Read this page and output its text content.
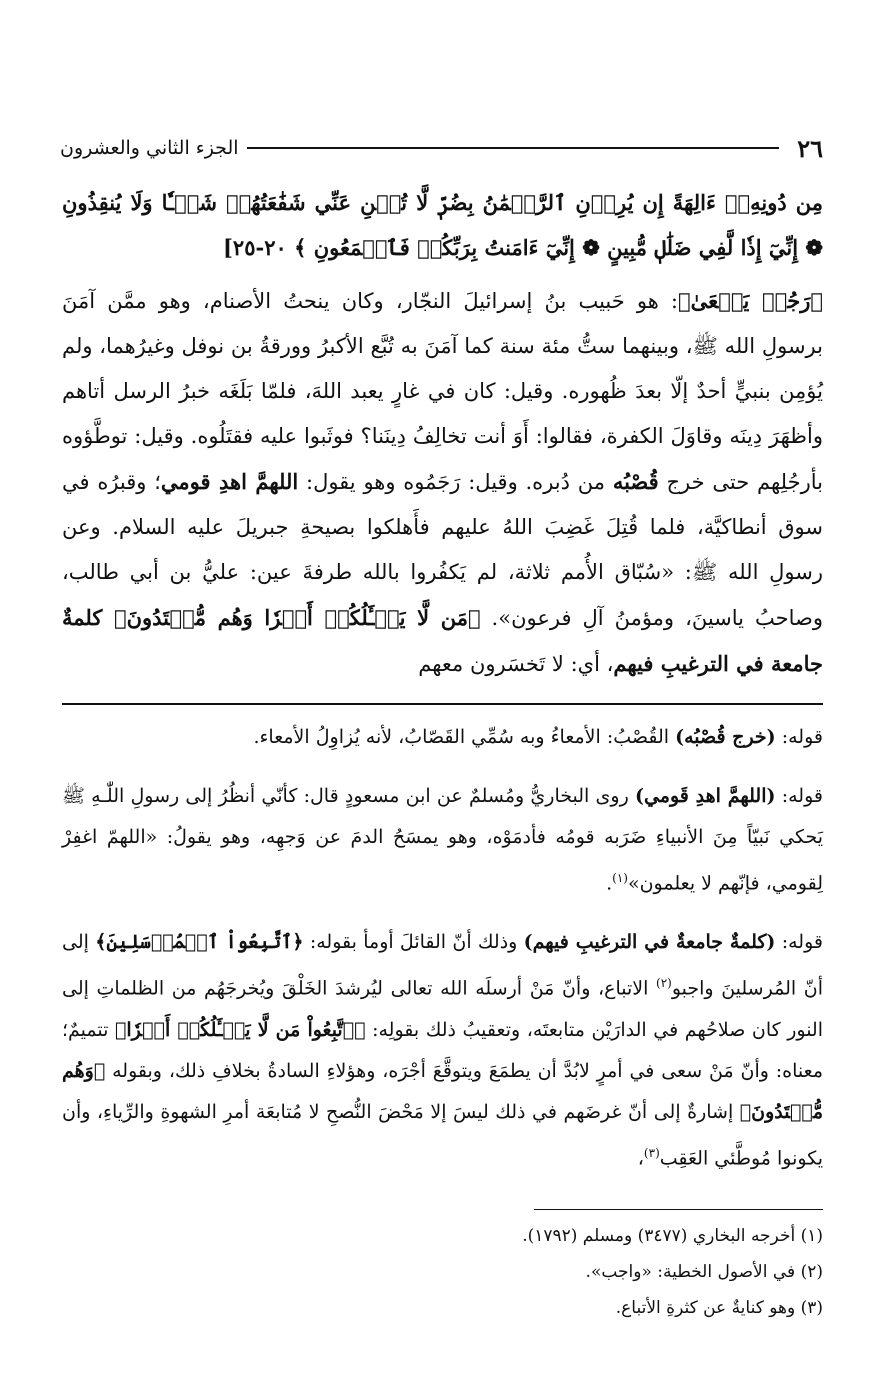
٢٦
الجزء الثاني والعشرون

مِن دُونِهِۦٓ ءَالِهَةً إِن يُرِدۡنِ ٱلرَّحۡمَٰنُ بِضُرّٖ لَّا تُغۡنِ عَنِّي شَفَٰعَتُهُمۡ شَيۡـٔٗا وَلَا يُنقِذُونِ ❁ إِنِّيٓ إِذٗا لَّفِي ضَلَٰلٖ مُّبِينٍ ❁ إِنِّيٓ ءَامَنتُ بِرَبِّكُمۡ فَٱسۡمَعُونِ ﴾ ٢٠-٢٥]

﴿رَجُلٞ يَسۡعَىٰ﴾: هو حَبيب بنُ إسرائيلَ النجّار، وكان ينحتُ الأصنام، وهو ممَّن آمَنَ برسولِ الله ﷺ، وبينهما ستُّ مئة سنة كما آمَنَ به تُبَّع الأكبرُ وورقةُ بن نوفل وغيرُهما، ولم يُؤمِن بنبيٍّ أحدٌ إلّا بعدَ ظُهوره. وقيل: كان في غارٍ يعبد اللهَ، فلمّا بَلَغَه خبرُ الرسل أتاهم وأظهَرَ دِينَه وقاوَلَ الكفرة، فقالوا: أَوَ أنت تخالِفُ دِينَنا؟ فوثَبوا عليه فقتَلُوه. وقيل: توطَّؤوه بأرجُلِهم حتى خرج قُصْبُه من دُبره. وقيل: رَجَمُوه وهو يقول: اللهمَّ اهدِ قومي؛ وقبرُه في سوق أنطاكيَّة، فلما قُتِلَ غَضِبَ اللهُ عليهم فأَهلكوا بصيحةِ جبريلَ عليه السلام. وعن رسولِ الله ﷺ: «سُبّاق الأُمم ثلاثة، لم يَكفُروا بالله طرفةَ عين: عليُّ بن أبي طالب، وصاحبُ ياسينَ، ومؤمنُ آلِ فرعون». ﴿مَن لَّا يَسۡـَٔلُكُمۡ أَجۡرٗا وَهُم مُّهۡتَدُونَ﴾ كلمةٌ جامعة في الترغيبِ فيهم، أي: لا تَخسَرون معهم

قوله: (خرج قُصْبُه) القُصْبُ: الأمعاءُ وبه سُمِّي القَصّابُ، لأنه يُزاوِلُ الأمعاء.

قوله: (اللهمَّ اهدِ قَومي) روى البخاريُّ ومُسلمٌ عن ابن مسعودٍ قال: كأنّي أنظُرُ إلى رسولِ اللّٰـهِ ﷺ يَحكي نَبيّاً مِنَ الأنبياءِ ضَرَبه قومُه فأدمَوْه، وهو يمسَحُ الدمَ عن وَجهِه، وهو يقولُ: «اللهمّ اغفِرْ لِقومي، فإنّهم لا يعلمون»$^{(١)}$.

قوله: (كلمةٌ جامعةٌ في الترغيبِ فيهم) وذلك أنّ القائلَ أومأ بقوله: ﴿ٱتَّبِعُواْ ٱلۡمُرۡسَلِينَ﴾ إلى أنّ المُرسلينَ واجبو$^{(٢)}$ الاتباع، وأنّ مَنْ أرسلَه الله تعالى ليُرشدَ الخَلْقَ ويُخرجَهُم من الظلماتِ إلى النور كان صلاحُهم في الدارَيْن متابعتَه، وتعقيبُ ذلك بقولِه: ﴿ٱتَّبِعُواْ مَن لَّا يَسۡـَٔلُكُمۡ أَجۡرٗا﴾ تتميمٌ؛ معناه: وأنّ مَنْ سعى في أمرٍ لابُدَّ أن يطمَعَ ويتوقَّعَ أجْرَه، وهؤلاءِ السادةُ بخلافِ ذلك، وبقوله ﴿وَهُم مُّهۡتَدُونَ﴾ إشارةٌ إلى أنّ غرضَهم في ذلك ليسَ إلا مَحْضَ النُّصحِ لا مُتابعَة أمرِ الشهوةِ والرِّياءِ، وأن يكونوا مُوطَّئي العَقِب$^{(٣)}$،

(١) أخرجه البخاري (٣٤٧٧) ومسلم (١٧٩٢).

(٢) في الأصول الخطية: «واجب».

(٣) وهو كنايةٌ عن كثرةِ الأتباع.
